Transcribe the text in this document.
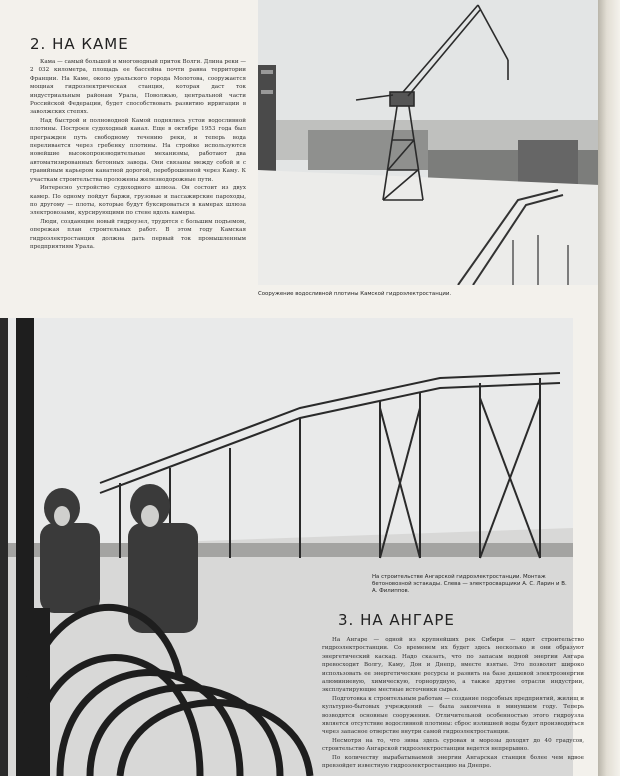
2. НА КАМЕ

Кама — самый большой и многоводный приток Волги. Длина реки — 2 032 километра, площадь ее бассейна почти равна территории Франции. На Каме, около уральского города Молотова, сооружается мощная гидроэлектрическая станция, которая даст ток индустриальным районам Урала, Поволжью, центральной части Российской Федерации, будет способствовать развитию ирригации в заволжских степях.

Над быстрой и полноводной Камой поднялись устои водосливной плотины. Построен судоходный канал. Еще в октябре 1953 года был прегражден путь свободному течению реки, и теперь вода переливается через гребенку плотины. На стройке используются новейшие высокопроизводительные механизмы, работают два автоматизированных бетонных завода. Они связаны между собой и с гравийным карьером канатной дорогой, переброшенной через Каму. К участкам строительства проложены железнодорожные пути.

Интересно устройство судоходного шлюза. Он состоит из двух камер. По одному пойдут баржи, грузовые и пассажирские пароходы, по другому — плоты, которые будут буксироваться в камерах шлюза электровозами, курсирующими по стене вдоль камеры.

Люди, создающие новый гидроузел, трудятся с большим подъемом, опережая план строительных работ. В этом году Камская гидроэлектростанция должна дать первый ток промышленным предприятиям Урала.

Сооружение водосливной плотины Камской гидроэлектростанции.
На строительстве Ангарской гидроэлектростанции. Монтаж бетоновозной эстакады. Слева — электросварщики А. С. Ларин и В. А. Филиппов.
3. НА АНГАРЕ

На Ангаре — одной из крупнейших рек Сибири — идет строительство гидроэлектростанции. Со временем их будет здесь несколько и они образуют энергетический каскад. Надо сказать, что по запасам водной энергии Ангара превосходит Волгу, Каму, Дон и Днепр, вместе взятые. Это позволит широко использовать ее энергетические ресурсы и развить на базе дешевой электроэнергии алюминиевую, химическую, горнорудную, а также другие отрасли индустрии, эксплуатирующие местные источники сырья.

Подготовка к строительным работам — создание подсобных предприятий, жилищ и культурно-бытовых учреждений — была закончена в минувшем году. Теперь возводятся основные сооружения. Отличительной особенностью этого гидроузла является отсутствие водосливной плотины: сброс излишней воды будет производиться через запасное отверстие внутри самой гидроэлектростанции.

Несмотря на то, что зима здесь суровая и морозы доходят до 40 градусов, строительство Ангарской гидроэлектростанции ведется непрерывно.

По количеству вырабатываемой энергии Ангарская станция более чем вдвое превзойдет известную гидроэлектростанцию на Днепре.
